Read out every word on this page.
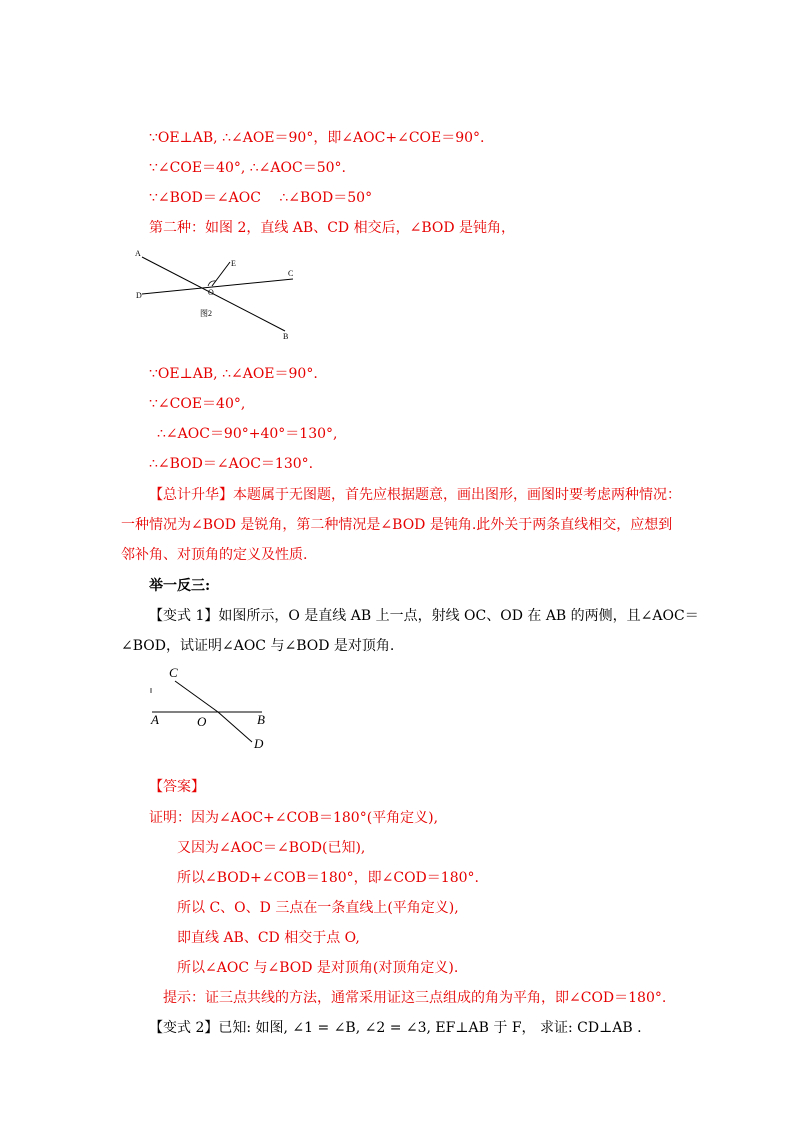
∵OE⊥AB, ∴∠AOE＝90°，即∠AOC+∠COE＝90°.
∵∠COE＝40°, ∴∠AOC＝50°.
∵∠BOD＝∠AOC　 ∴∠BOD＝50°
第二种：如图 2，直线 AB、CD 相交后，∠BOD 是钝角，
A
E
C
D	O
图2
B
∵OE⊥AB, ∴∠AOE＝90°.
∵∠COE＝40°,
∴∠AOC＝90°+40°＝130°,
∴∠BOD＝∠AOC＝130°.
【总计升华】本题属于无图题，首先应根据题意，画出图形，画图时要考虑两种情况：
一种情况为∠BOD 是锐角，第二种情况是∠BOD 是钝角.此外关于两条直线相交，应想到
邻补角、对顶角的定义及性质.
举一反三:
【变式 1】如图所示，O 是直线 AB 上一点，射线 OC、OD 在 AB 的两侧，且∠AOC＝
∠BOD，试证明∠AOC 与∠BOD 是对顶角.
C
A	O	B
D
【答案】
证明：因为∠AOC+∠COB＝180°(平角定义),
又因为∠AOC＝∠BOD(已知),
所以∠BOD+∠COB＝180°，即∠COD＝180°.
所以 C、O、D 三点在一条直线上(平角定义),
即直线 AB、CD 相交于点 O,
所以∠AOC 与∠BOD 是对顶角(对顶角定义).
提示：证三点共线的方法，通常采用证这三点组成的角为平角，即∠COD＝180°.
【变式 2】已知: 如图, ∠1 = ∠B, ∠2 = ∠3, EF⊥AB 于 F， 求证: CD⊥AB .
